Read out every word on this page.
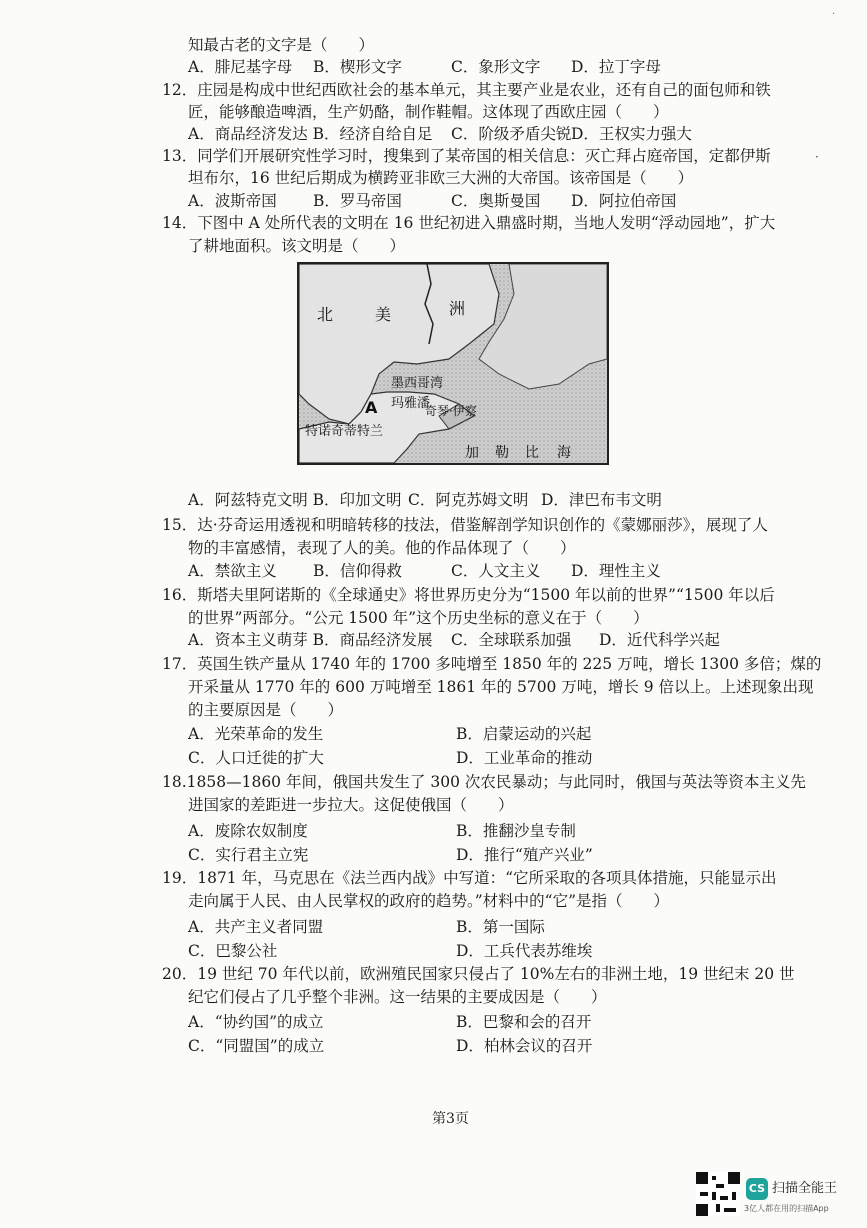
知最古老的文字是（　　）
A．腓尼基字母 B．楔形文字	C．象形文字 D．拉丁字母
12．庄园是构成中世纪西欧社会的基本单元，其主要产业是农业，还有自己的面包师和铁
匠，能够酿造啤酒，生产奶酪，制作鞋帽。这体现了西欧庄园（　　）
A．商品经济发达 B．经济自给自足 C．阶级矛盾尖锐 D．王权实力强大
13．同学们开展研究性学习时，搜集到了某帝国的相关信息：灭亡拜占庭帝国，定都伊斯
坦布尔，16 世纪后期成为横跨亚非欧三大洲的大帝国。该帝国是（　　）
A．波斯帝国 B．罗马帝国	C．奥斯曼国 D．阿拉伯帝国
14．下图中 A 处所代表的文明在 16 世纪初进入鼎盛时期，当地人发明“浮动园地”，扩大
了耕地面积。该文明是（　　）
北	美	洲
墨西哥湾
玛雅潘
A	奇琴·伊察
特诺奇蒂特兰
加 勒 比 海
A．阿兹特克文明 B．印加文明 C．阿克苏姆文明 D．津巴布韦文明
15．达·芬奇运用透视和明暗转移的技法，借鉴解剖学知识创作的《蒙娜丽莎》，展现了人
物的丰富感情，表现了人的美。他的作品体现了（　　）
A．禁欲主义 B．信仰得救	C．人文主义 D．理性主义
16．斯塔夫里阿诺斯的《全球通史》将世界历史分为“1500 年以前的世界”“1500 年以后
的世界”两部分。“公元 1500 年”这个历史坐标的意义在于（　　）
A．资本主义萌芽 B．商品经济发展 C．全球联系加强 D．近代科学兴起
17．英国生铁产量从 1740 年的 1700 多吨增至 1850 年的 225 万吨，增长 1300 多倍；煤的
开采量从 1770 年的 600 万吨增至 1861 年的 5700 万吨，增长 9 倍以上。上述现象出现
的主要原因是（　　）
A．光荣革命的发生	B．启蒙运动的兴起
C．人口迁徙的扩大	D．工业革命的推动
18.1858—1860 年间，俄国共发生了 300 次农民暴动；与此同时，俄国与英法等资本主义先
进国家的差距进一步拉大。这促使俄国（　　）
A．废除农奴制度	B．推翻沙皇专制
C．实行君主立宪	D．推行“殖产兴业”
19．1871 年，马克思在《法兰西内战》中写道：“它所采取的各项具体措施，只能显示出
走向属于人民、由人民掌权的政府的趋势。”材料中的“它”是指（　　）
A．共产主义者同盟	B．第一国际
C．巴黎公社	D．工兵代表苏维埃
20．19 世纪 70 年代以前，欧洲殖民国家只侵占了 10%左右的非洲土地，19 世纪末 20 世
纪它们侵占了几乎整个非洲。这一结果的主要成因是（　　）
A．“协约国”的成立	B．巴黎和会的召开
C．“同盟国”的成立	D．柏林会议的召开
第3页
CS 扫描全能王
3亿人都在用的扫描App
.
·
